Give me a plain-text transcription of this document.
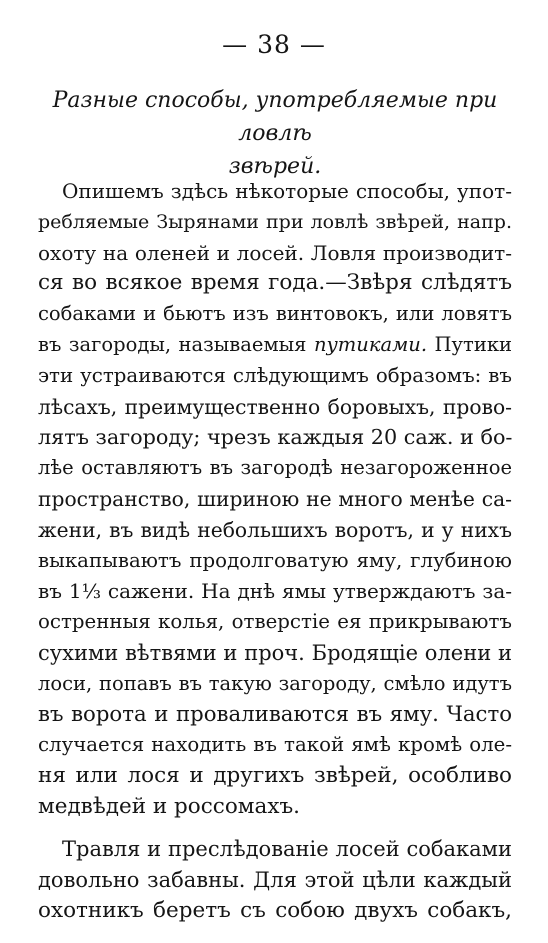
— 38 —
Разные способы, употребляемые при ловлѣ
звѣрей.
Опишемъ здѣсь нѣкоторые способы, упот-
ребляемые Зырянами при ловлѣ звѣрей, напр.
охоту на оленей и лосей. Ловля производит-
ся во всякое время года.—Звѣря слѣдятъ
собаками и бьютъ изъ винтовокъ, или ловятъ
въ загороды, называемыя путиками. Путики
эти устраиваются слѣдующимъ образомъ: въ
лѣсахъ, преимущественно боровыхъ, прово-
лятъ загороду; чрезъ каждыя 20 саж. и бо-
лѣе оставляютъ въ загородѣ незагороженное
пространство, шириною не много менѣе са-
жени, въ видѣ небольшихъ воротъ, и у нихъ
выкапываютъ продолговатую яму, глубиною
въ 1⅓ сажени. На днѣ ямы утверждаютъ за-
остренныя колья, отверстіе ея прикрываютъ
сухими вѣтвями и проч. Бродящіе олени и
лоси, попавъ въ такую загороду, смѣло идутъ
въ ворота и проваливаются въ яму. Часто
случается находить въ такой ямѣ кромѣ оле-
ня или лося и другихъ звѣрей, особливо
медвѣдей и россомахъ.
Травля и преслѣдованіе лосей собаками
довольно забавны. Для этой цѣли каждый
охотникъ беретъ съ собою двухъ собакъ,
